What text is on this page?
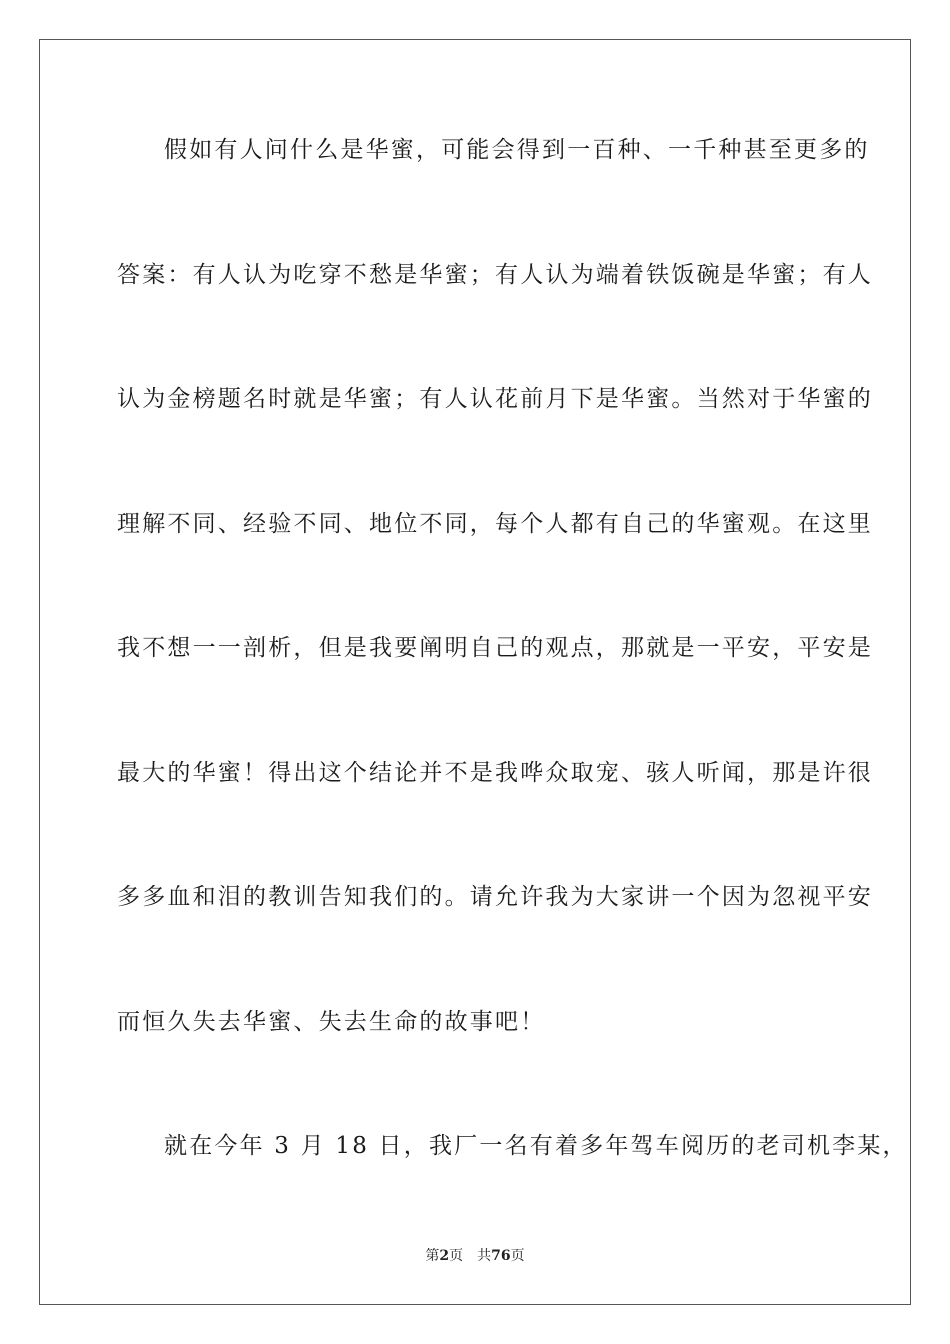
假如有人问什么是华蜜，可能会得到一百种、一千种甚至更多的
答案：有人认为吃穿不愁是华蜜；有人认为端着铁饭碗是华蜜；有人
认为金榜题名时就是华蜜；有人认花前月下是华蜜。当然对于华蜜的
理解不同、经验不同、地位不同，每个人都有自己的华蜜观。在这里
我不想一一剖析，但是我要阐明自己的观点，那就是一平安，平安是
最大的华蜜！得出这个结论并不是我哗众取宠、骇人听闻，那是许很
多多血和泪的教训告知我们的。请允许我为大家讲一个因为忽视平安
而恒久失去华蜜、失去生命的故事吧！
就在今年 3 月 18 日，我厂一名有着多年驾车阅历的老司机李某，
第2页 共76页
